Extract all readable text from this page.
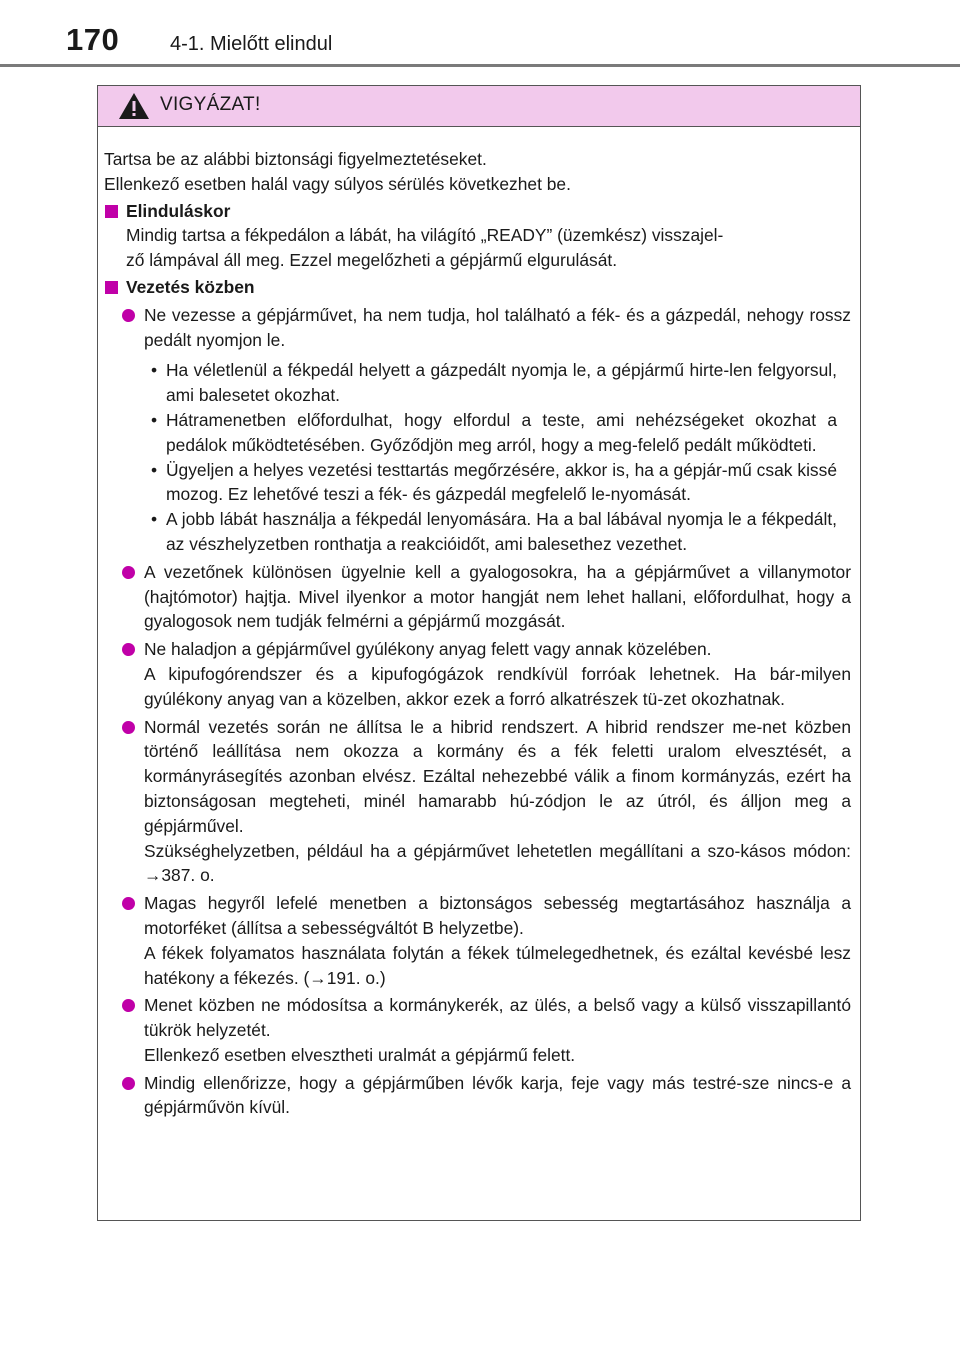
170	4-1. Mielőtt elindul
VIGYÁZAT!

Tartsa be az alábbi biztonsági figyelmeztetéseket.
Ellenkező esetben halál vagy súlyos sérülés következhet be.

Elinduláskor

Mindig tartsa a fékpedálon a lábát, ha világító „READY” (üzemkész) visszajel-
ző lámpával áll meg. Ezzel megelőzheti a gépjármű elgurulását.

Vezetés közben
Ne vezesse a gépjárművet, ha nem tudja, hol található a fék- és a gázpedál, nehogy rossz pedált nyomjon le.
• Ha véletlenül a fékpedál helyett a gázpedált nyomja le, a gépjármű hirte-len felgyorsul, ami balesetet okozhat.
• Hátramenetben előfordulhat, hogy elfordul a teste, ami nehézségeket okozhat a pedálok működtetésében. Győződjön meg arról, hogy a meg-felelő pedált működteti.
• Ügyeljen a helyes vezetési testtartás megőrzésére, akkor is, ha a gépjár-mű csak kissé mozog. Ez lehetővé teszi a fék- és gázpedál megfelelő le-nyomását.
• A jobb lábát használja a fékpedál lenyomására. Ha a bal lábával nyomja le a fékpedált, az vészhelyzetben ronthatja a reakcióidőt, ami balesethez vezethet.
A vezetőnek különösen ügyelnie kell a gyalogosokra, ha a gépjárművet a villanymotor (hajtómotor) hajtja. Mivel ilyenkor a motor hangját nem lehet hallani, előfordulhat, hogy a gyalogosok nem tudják felmérni a gépjármű mozgását.
Ne haladjon a gépjárművel gyúlékony anyag felett vagy annak közelében.
A kipufogórendszer és a kipufogógázok rendkívül forróak lehetnek. Ha bár-milyen gyúlékony anyag van a közelben, akkor ezek a forró alkatrészek tü-zet okozhatnak.
Normál vezetés során ne állítsa le a hibrid rendszert. A hibrid rendszer me-net közben történő leállítása nem okozza a kormány és a fék feletti uralom elvesztését, a kormányrásegítés azonban elvész. Ezáltal nehezebbé válik a finom kormányzás, ezért ha biztonságosan megteheti, minél hamarabb hú-zódjon le az útról, és álljon meg a gépjárművel.
Szükséghelyzetben, például ha a gépjárművet lehetetlen megállítani a szo-kásos módon: →387. o.
Magas hegyről lefelé menetben a biztonságos sebesség megtartásához használja a motorféket (állítsa a sebességváltót B helyzetbe).
A fékek folyamatos használata folytán a fékek túlmelegedhetnek, és ezáltal kevésbé lesz hatékony a fékezés. (→191. o.)
Menet közben ne módosítsa a kormánykerék, az ülés, a belső vagy a külső visszapillantó tükrök helyzetét.
Ellenkező esetben elvesztheti uralmát a gépjármű felett.
Mindig ellenőrizze, hogy a gépjárműben lévők karja, feje vagy más testré-sze nincs-e a gépjárművön kívül.
